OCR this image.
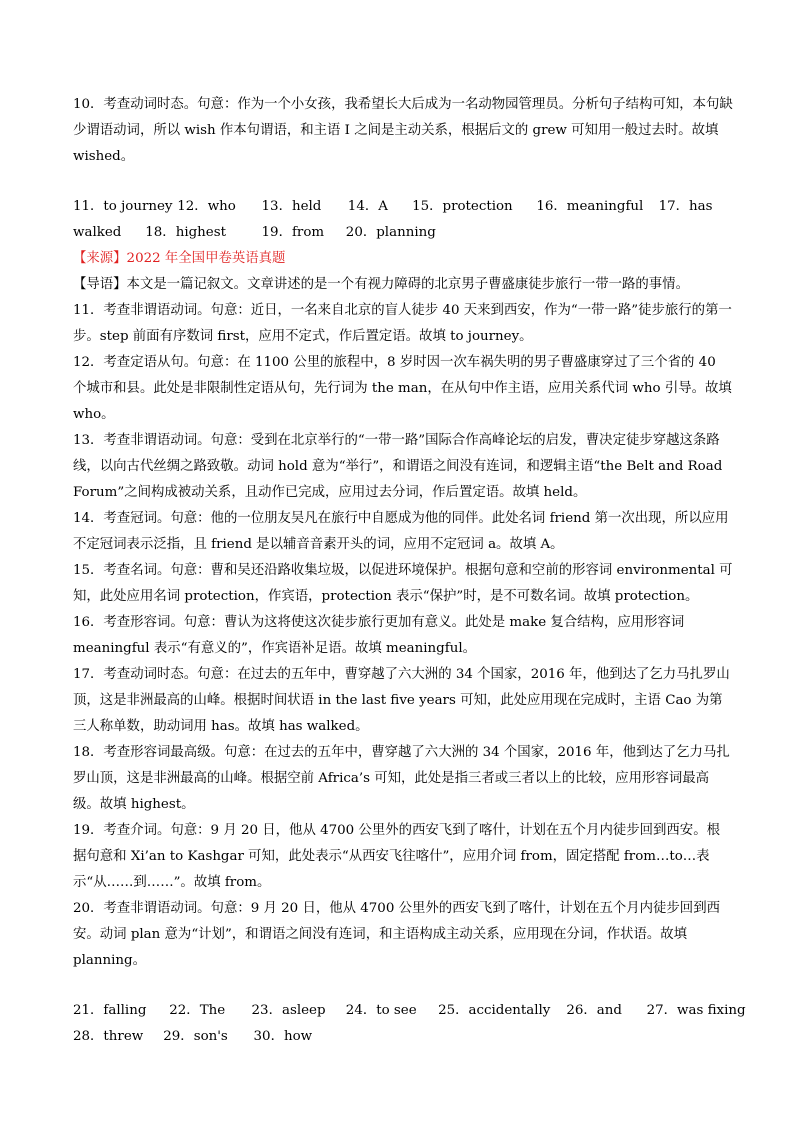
10．考查动词时态。句意：作为一个小女孩，我希望长大后成为一名动物园管理员。分析句子结构可知，本句缺少谓语动词，所以 wish 作本句谓语，和主语 I 之间是主动关系，根据后文的 grew 可知用一般过去时。故填 wished。

11．to journey 12．who 13．held 14．A 15．protection 16．meaningful 17．has
walked 18．highest	19．from 20．planning

【来源】2022 年全国甲卷英语真题

【导语】本文是一篇记叙文。文章讲述的是一个有视力障碍的北京男子曹盛康徒步旅行一带一路的事情。

11．考查非谓语动词。句意：近日，一名来自北京的盲人徒步 40 天来到西安，作为“一带一路”徒步旅行的第一步。step 前面有序数词 first，应用不定式，作后置定语。故填 to journey。

12．考查定语从句。句意：在 1100 公里的旅程中，8 岁时因一次车祸失明的男子曹盛康穿过了三个省的 40 个城市和县。此处是非限制性定语从句，先行词为 the man，在从句中作主语，应用关系代词 who 引导。故填 who。

13．考查非谓语动词。句意：受到在北京举行的“一带一路”国际合作高峰论坛的启发，曹决定徒步穿越这条路线，以向古代丝绸之路致敬。动词 hold 意为“举行”，和谓语之间没有连词，和逻辑主语“the Belt and Road Forum”之间构成被动关系，且动作已完成，应用过去分词，作后置定语。故填 held。

14．考查冠词。句意：他的一位朋友吴凡在旅行中自愿成为他的同伴。此处名词 friend 第一次出现，所以应用不定冠词表示泛指，且 friend 是以辅音音素开头的词，应用不定冠词 a。故填 A。

15．考查名词。句意：曹和吴还沿路收集垃圾，以促进环境保护。根据句意和空前的形容词 environmental 可知，此处应用名词 protection，作宾语，protection 表示“保护”时，是不可数名词。故填 protection。

16．考查形容词。句意：曹认为这将使这次徒步旅行更加有意义。此处是 make 复合结构，应用形容词 meaningful 表示“有意义的”，作宾语补足语。故填 meaningful。

17．考查动词时态。句意：在过去的五年中，曹穿越了六大洲的 34 个国家，2016 年，他到达了乞力马扎罗山顶，这是非洲最高的山峰。根据时间状语 in the last five years 可知，此处应用现在完成时，主语 Cao 为第三人称单数，助动词用 has。故填 has walked。

18．考查形容词最高级。句意：在过去的五年中，曹穿越了六大洲的 34 个国家，2016 年，他到达了乞力马扎罗山顶，这是非洲最高的山峰。根据空前 Africa’s 可知，此处是指三者或三者以上的比较，应用形容词最高级。故填 highest。

19．考查介词。句意：9 月 20 日，他从 4700 公里外的西安飞到了喀什，计划在五个月内徒步回到西安。根据句意和 Xi’an to Kashgar 可知，此处表示“从西安飞往喀什”，应用介词 from，固定搭配 from…to…表示“从……到……”。故填 from。

20．考查非谓语动词。句意：9 月 20 日，他从 4700 公里外的西安飞到了喀什，计划在五个月内徒步回到西安。动词 plan 意为“计划”，和谓语之间没有连词，和主语构成主动关系，应用现在分词，作状语。故填 planning。

21．falling 22．The 23．asleep 24．to see 25．accidentally 26．and 27．was fixing
28．threw 29．son's 30．how
